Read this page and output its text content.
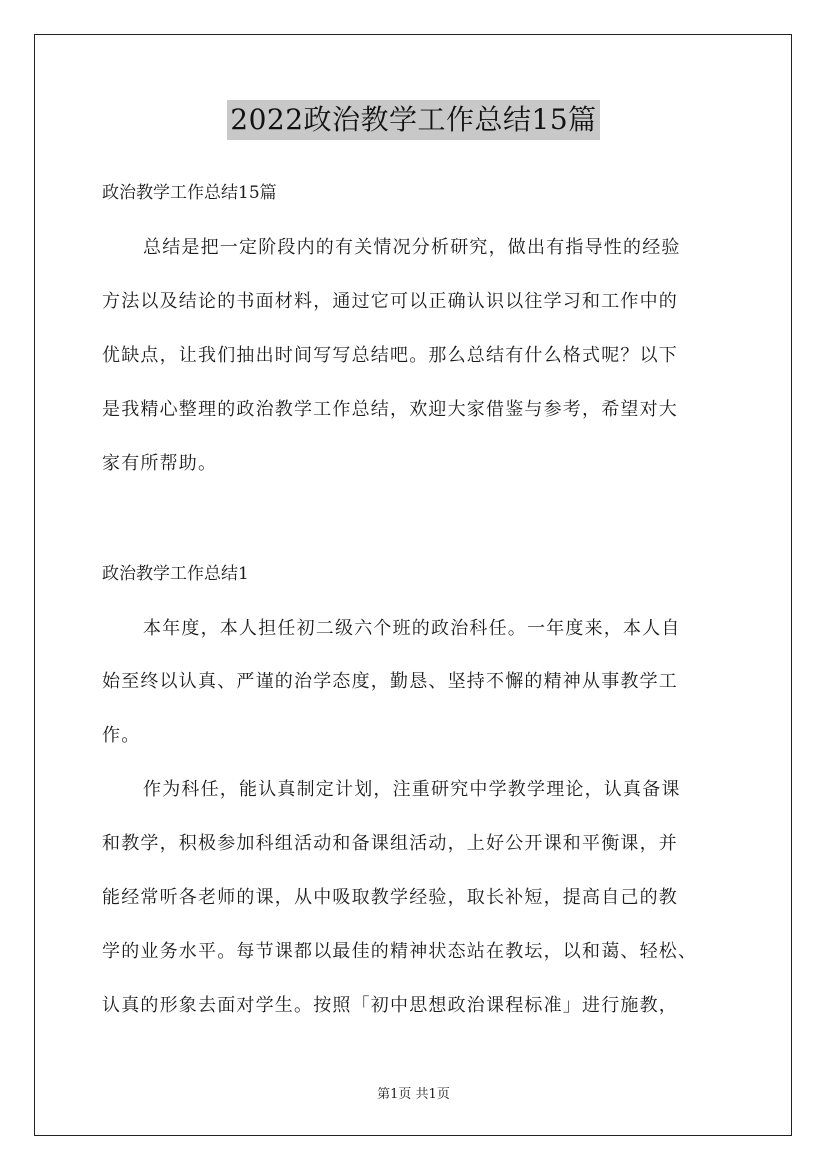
2022政治教学工作总结15篇
政治教学工作总结15篇
总结是把一定阶段内的有关情况分析研究，做出有指导性的经验
方法以及结论的书面材料，通过它可以正确认识以往学习和工作中的
优缺点，让我们抽出时间写写总结吧。那么总结有什么格式呢？以下
是我精心整理的政治教学工作总结，欢迎大家借鉴与参考，希望对大
家有所帮助。
政治教学工作总结1
本年度，本人担任初二级六个班的政治科任。一年度来，本人自
始至终以认真、严谨的治学态度，勤恳、坚持不懈的精神从事教学工
作。
作为科任，能认真制定计划，注重研究中学教学理论，认真备课
和教学，积极参加科组活动和备课组活动，上好公开课和平衡课，并
能经常听各老师的课，从中吸取教学经验，取长补短，提高自己的教
学的业务水平。每节课都以最佳的精神状态站在教坛，以和蔼、轻松、
认真的形象去面对学生。按照「初中思想政治课程标准」进行施教，
第1页 共1页
